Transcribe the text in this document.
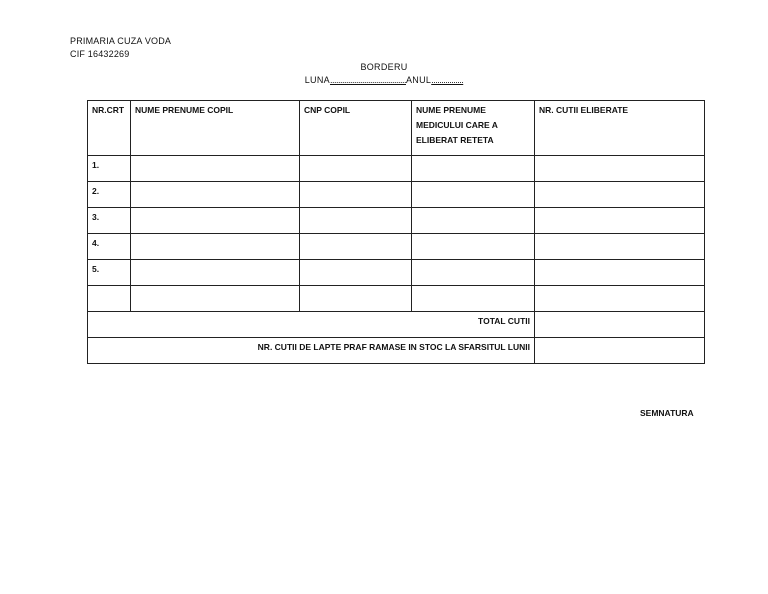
PRIMARIA CUZA VODA
CIF 16432269
BORDERU
LUNA......................................ANUL................
NR.CRT	NUME PRENUME COPIL	CNP COPIL	NUME PRENUME MEDICULUI CARE A ELIBERAT RETETA	NR. CUTII ELIBERATE
1.				
2.				
3.				
4.				
5.				

TOTAL CUTII				
NR. CUTII DE LAPTE PRAF RAMASE IN STOC LA SFARSITUL LUNII				
SEMNATURA
